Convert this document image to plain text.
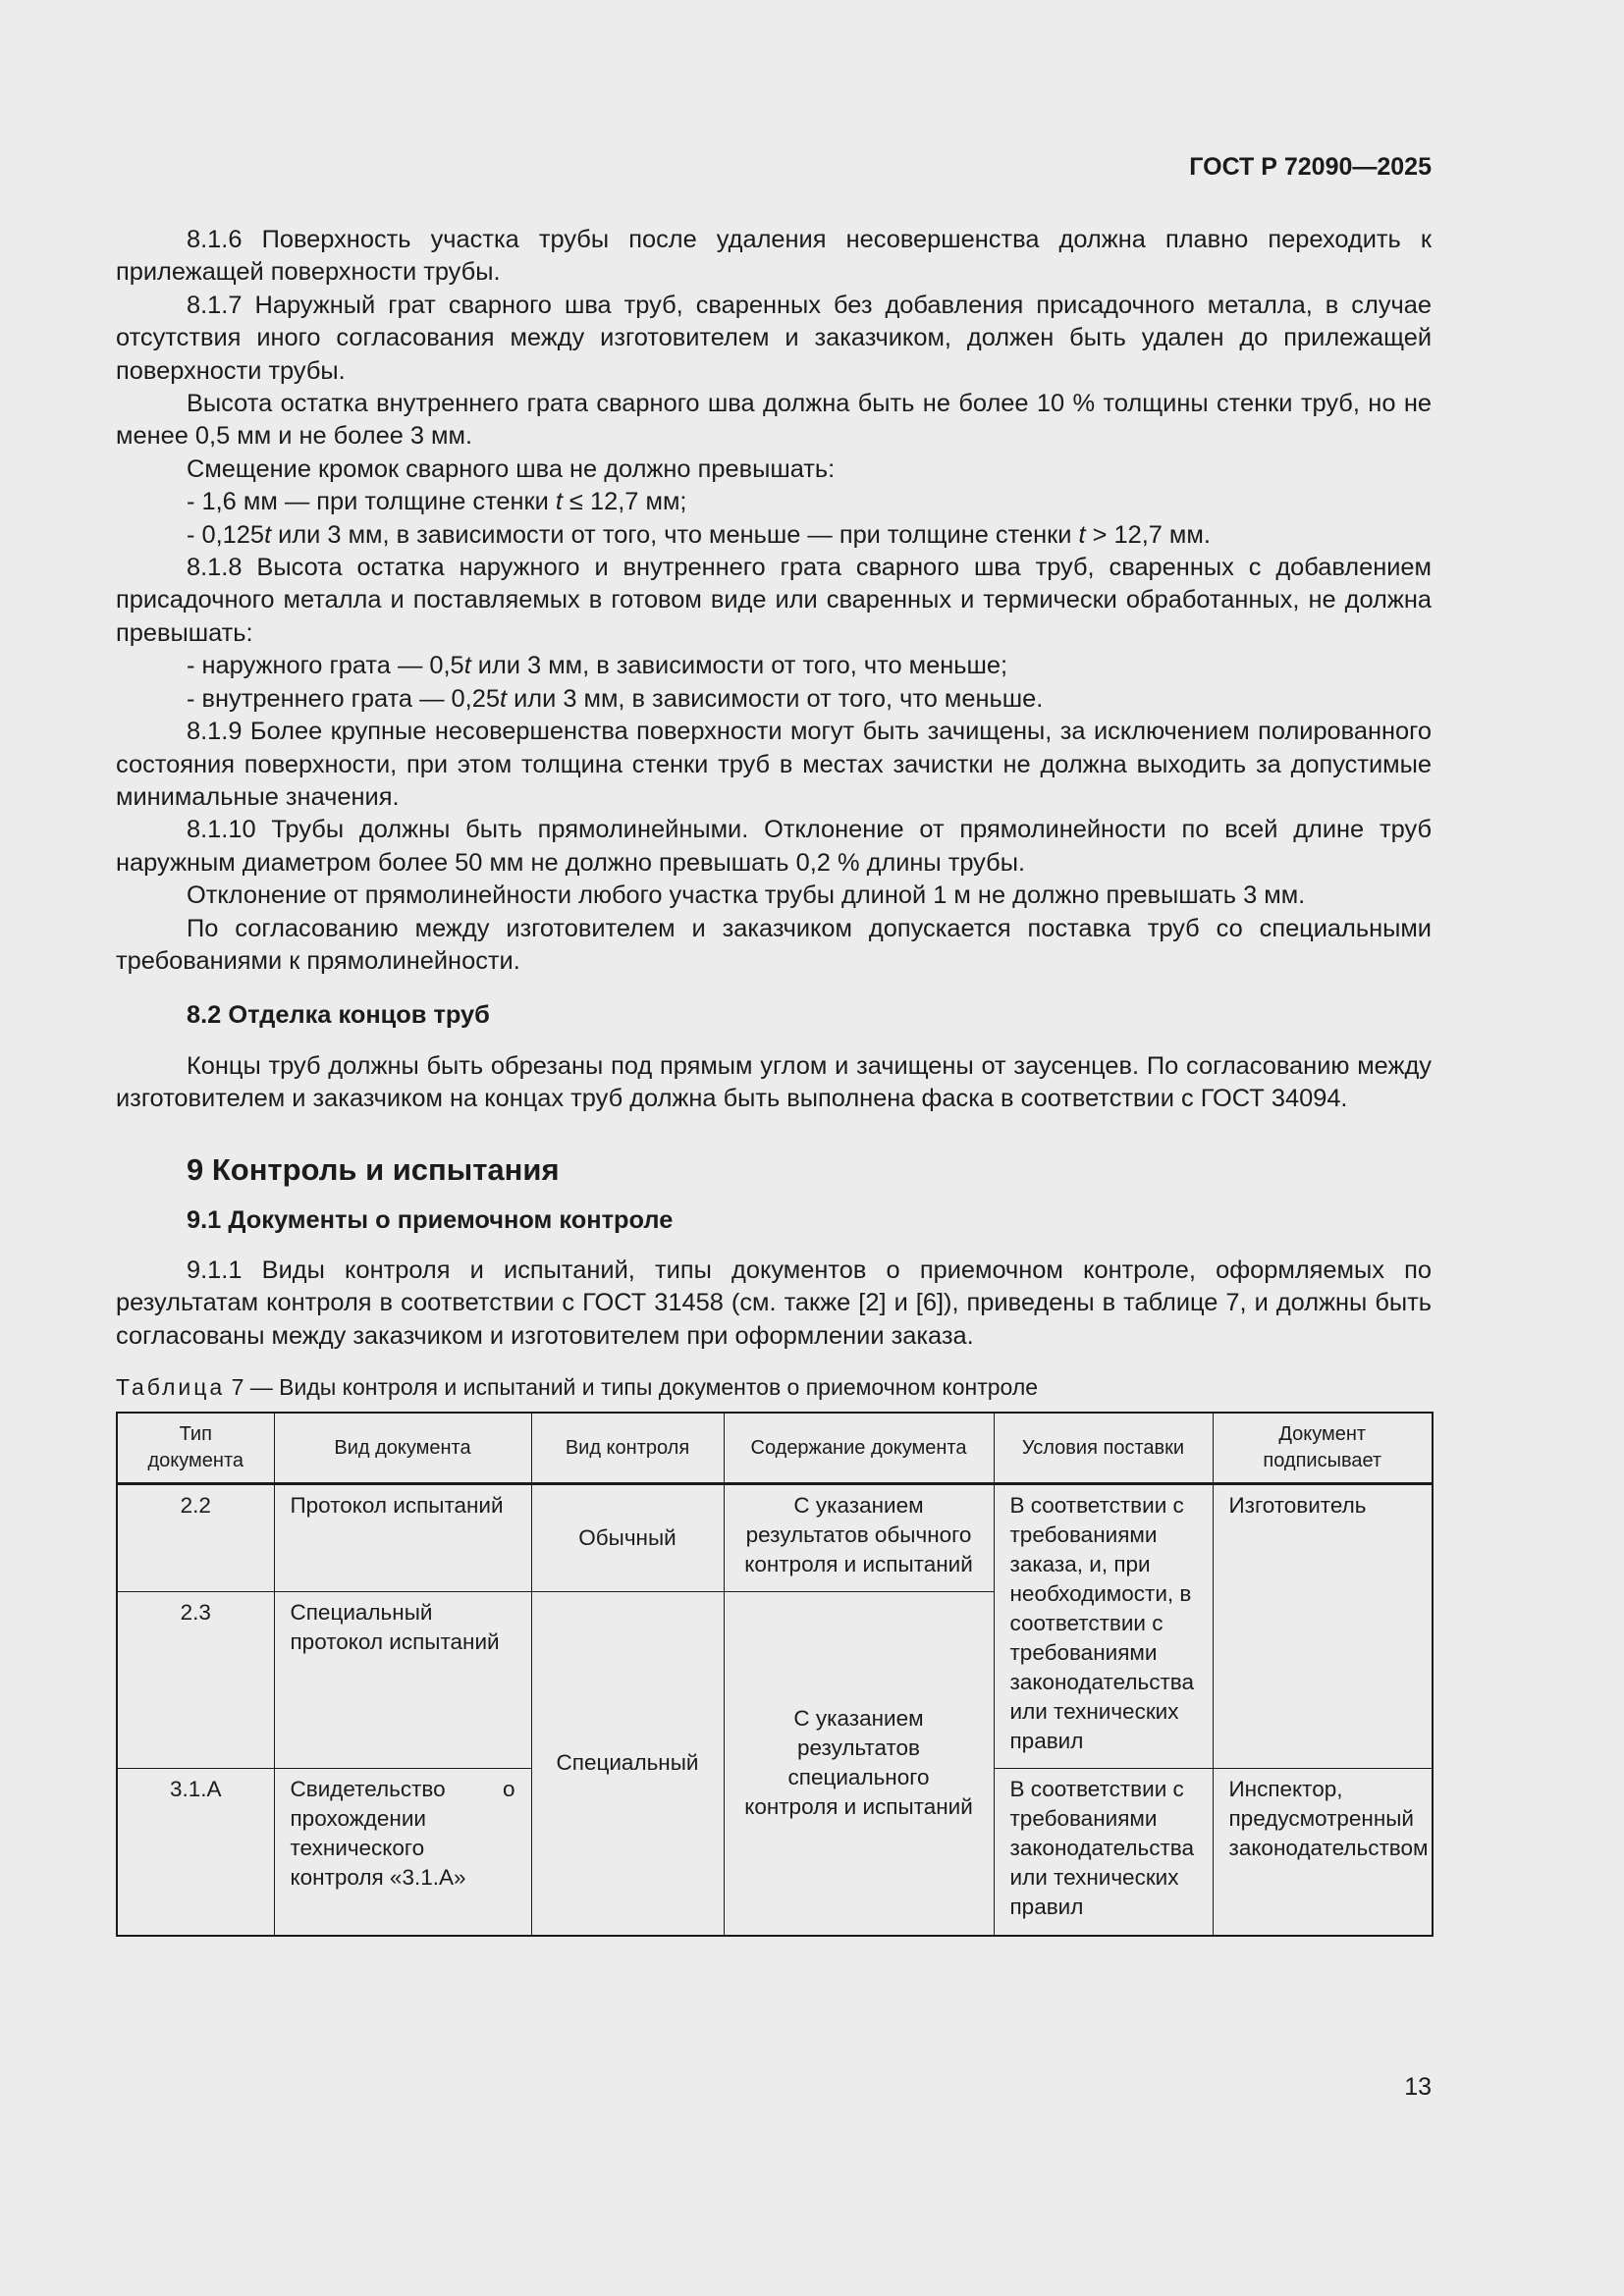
ГОСТ Р 72090—2025

8.1.6 Поверхность участка трубы после удаления несовершенства должна плавно переходить к прилежащей поверхности трубы.

8.1.7 Наружный грат сварного шва труб, сваренных без добавления присадочного металла, в случае отсутствия иного согласования между изготовителем и заказчиком, должен быть удален до прилежащей поверхности трубы.

Высота остатка внутреннего грата сварного шва должна быть не более 10 % толщины стенки труб, но не менее 0,5 мм и не более 3 мм.

Смещение кромок сварного шва не должно превышать:

- 1,6 мм — при толщине стенки t ≤ 12,7 мм;

- 0,125t или 3 мм, в зависимости от того, что меньше — при толщине стенки t > 12,7 мм.

8.1.8 Высота остатка наружного и внутреннего грата сварного шва труб, сваренных с добавлением присадочного металла и поставляемых в готовом виде или сваренных и термически обработанных, не должна превышать:

- наружного грата — 0,5t или 3 мм, в зависимости от того, что меньше;

- внутреннего грата — 0,25t или 3 мм, в зависимости от того, что меньше.

8.1.9 Более крупные несовершенства поверхности могут быть зачищены, за исключением полированного состояния поверхности, при этом толщина стенки труб в местах зачистки не должна выходить за допустимые минимальные значения.

8.1.10 Трубы должны быть прямолинейными. Отклонение от прямолинейности по всей длине труб наружным диаметром более 50 мм не должно превышать 0,2 % длины трубы.

Отклонение от прямолинейности любого участка трубы длиной 1 м не должно превышать 3 мм.

По согласованию между изготовителем и заказчиком допускается поставка труб со специальными требованиями к прямолинейности.

8.2 Отделка концов труб

Концы труб должны быть обрезаны под прямым углом и зачищены от заусенцев. По согласованию между изготовителем и заказчиком на концах труб должна быть выполнена фаска в соответствии с ГОСТ 34094.

9 Контроль и испытания

9.1 Документы о приемочном контроле

9.1.1 Виды контроля и испытаний, типы документов о приемочном контроле, оформляемых по результатам контроля в соответствии с ГОСТ 31458 (см. также [2] и [6]), приведены в таблице 7, и должны быть согласованы между заказчиком и изготовителем при оформлении заказа.

Таблица 7 — Виды контроля и испытаний и типы документов о приемочном контроле

Тип документа	Вид документа	Вид контроля	Содержание документа	Условия поставки	Документ подписывает
2.2	Протокол испытаний	Обычный	С указанием результатов обычного контроля и испытаний	В соответствии с требованиями заказа, и, при необходимости, в соответствии с требованиями законодательства или технических правил	Изготовитель
2.3	Специальный протокол испытаний	Специальный	С указанием результатов специального контроля и испытаний		
3.1.А	Свидетельство о прохождении технического контроля «3.1.А»			В соответствии с требованиями законодательства или технических правил	Инспектор, предусмотренный законодательством

13
